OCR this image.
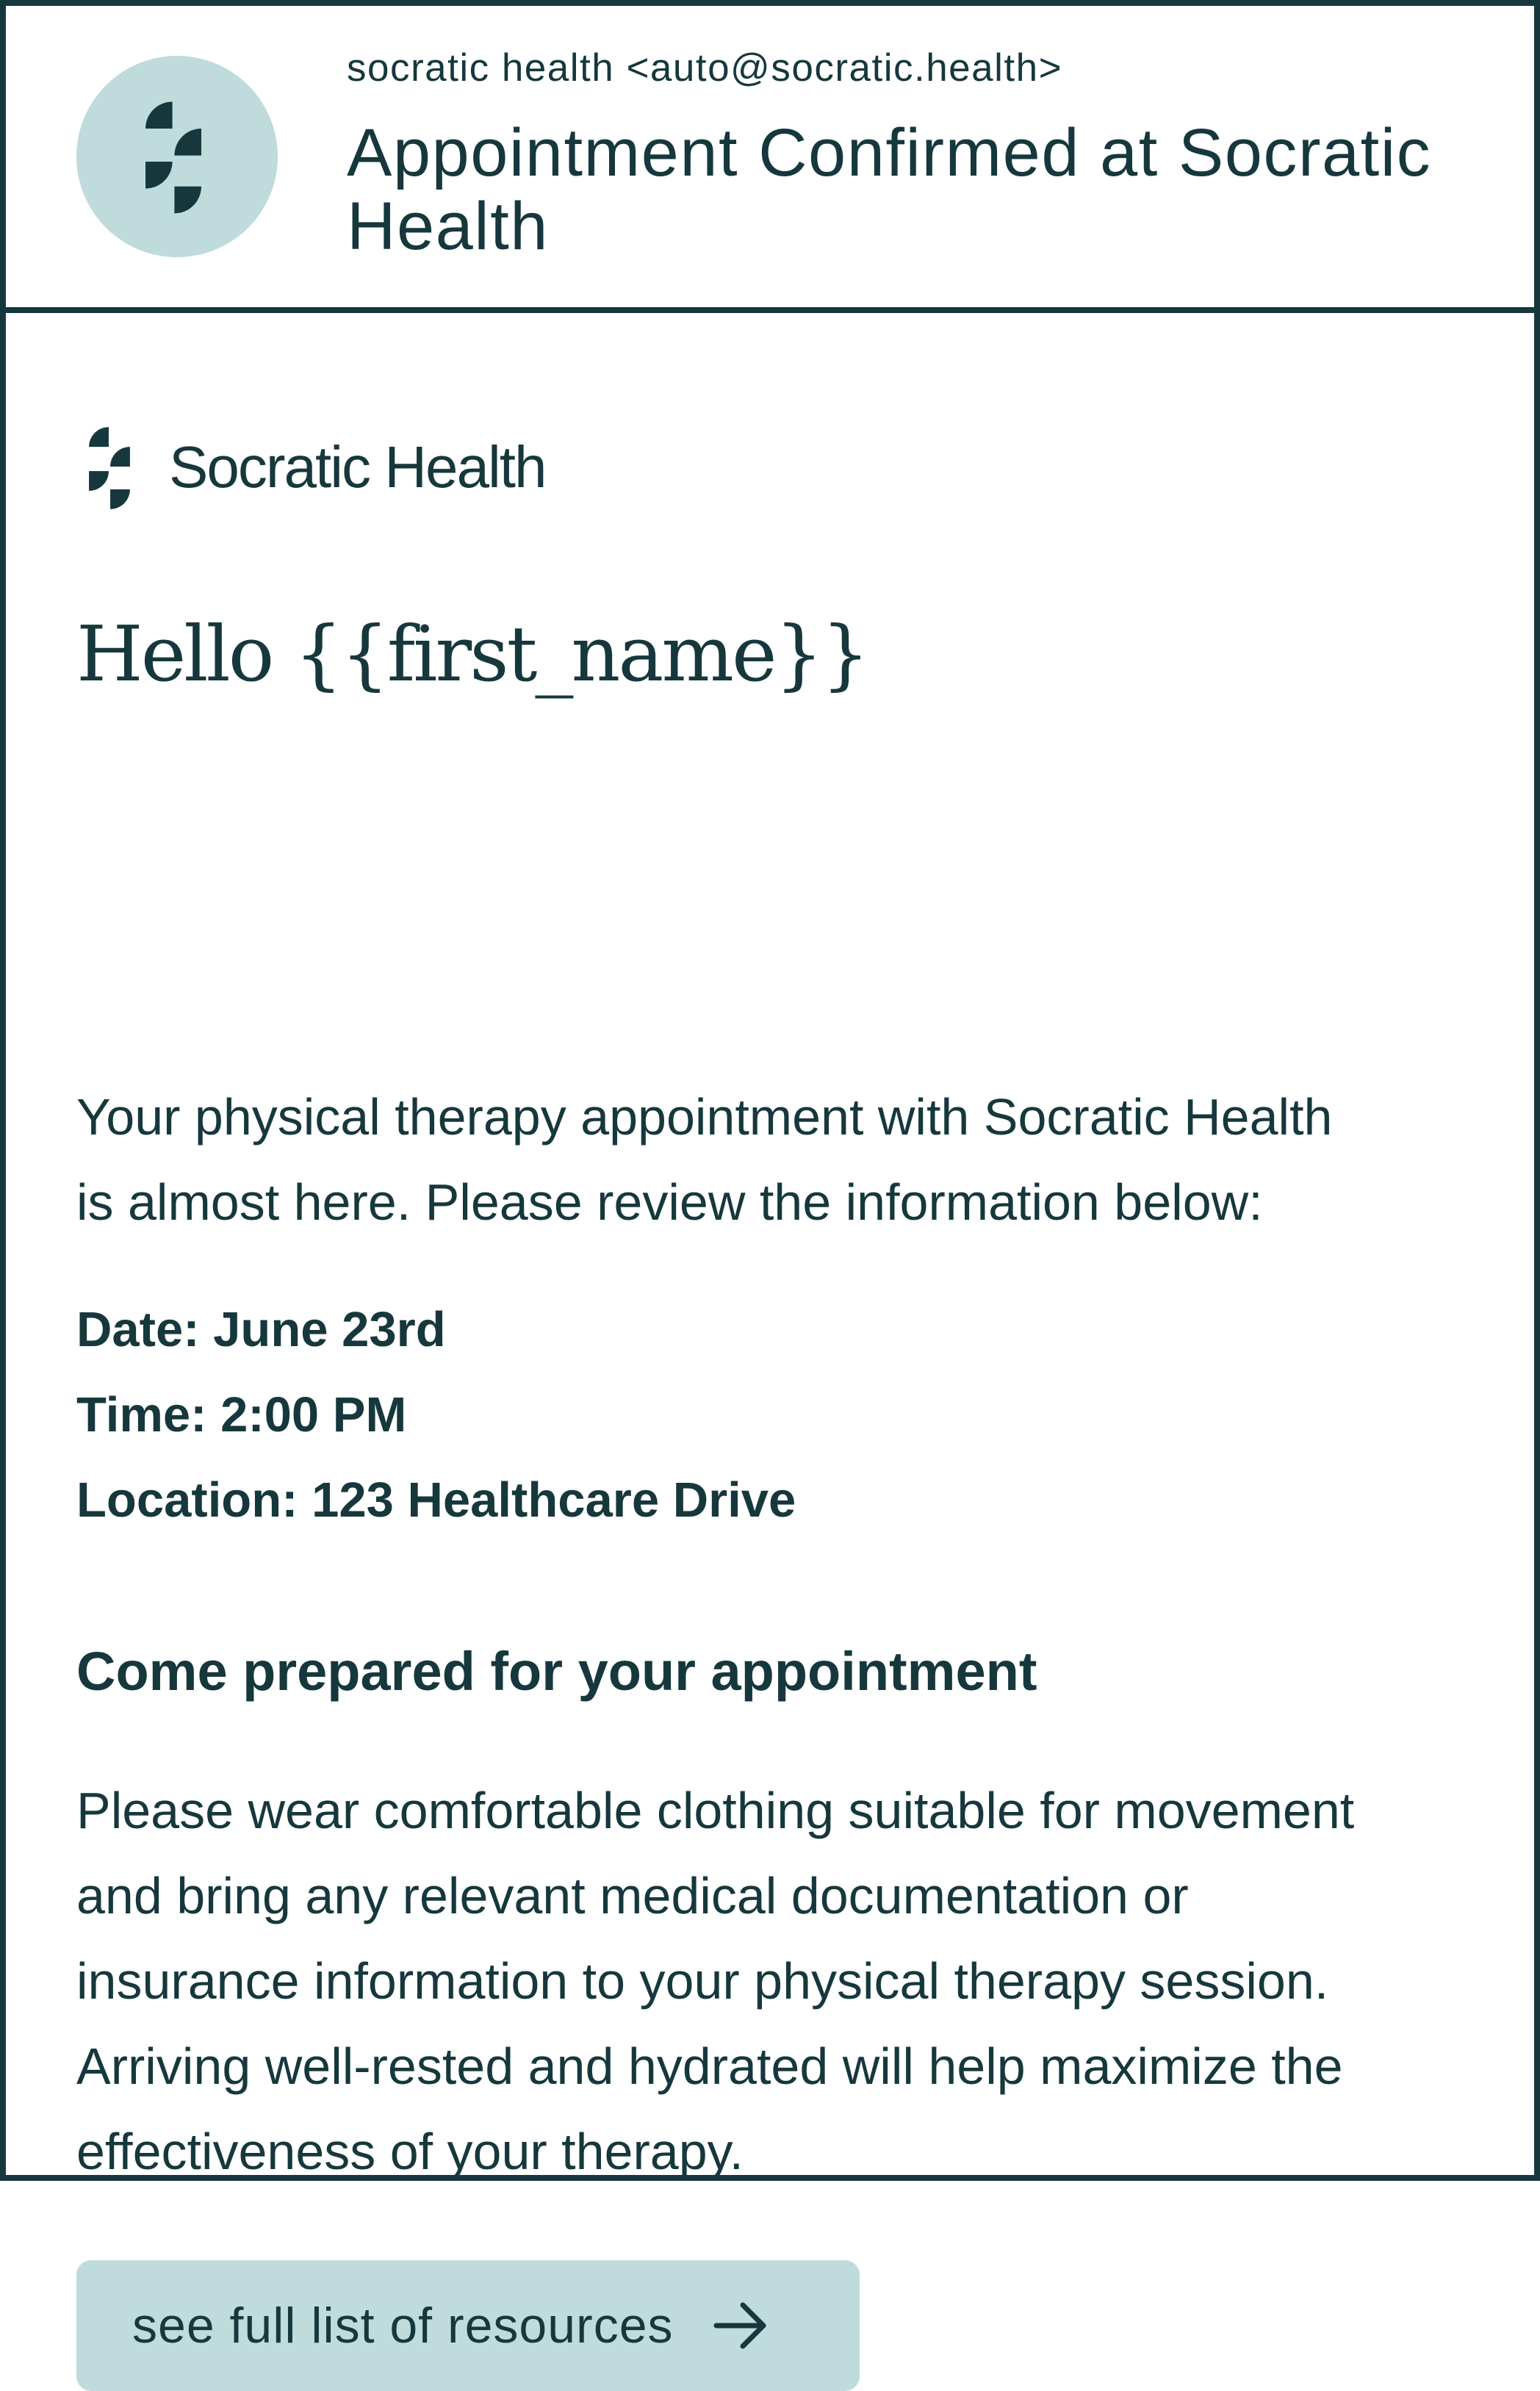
socratic health <auto@socratic.health>
Appointment Confirmed at Socratic Health
Socratic Health
Hello {{first_name}}

Your physical therapy appointment with Socratic Health
is almost here. Please review the information below:

Date: June 23rd
Time: 2:00 PM
Location: 123 Healthcare Drive
Come prepared for your appointment

Please wear comfortable clothing suitable for movement
and bring any relevant medical documentation or
insurance information to your physical therapy session.
Arriving well-rested and hydrated will help maximize the
effectiveness of your therapy.

see full list of resources
